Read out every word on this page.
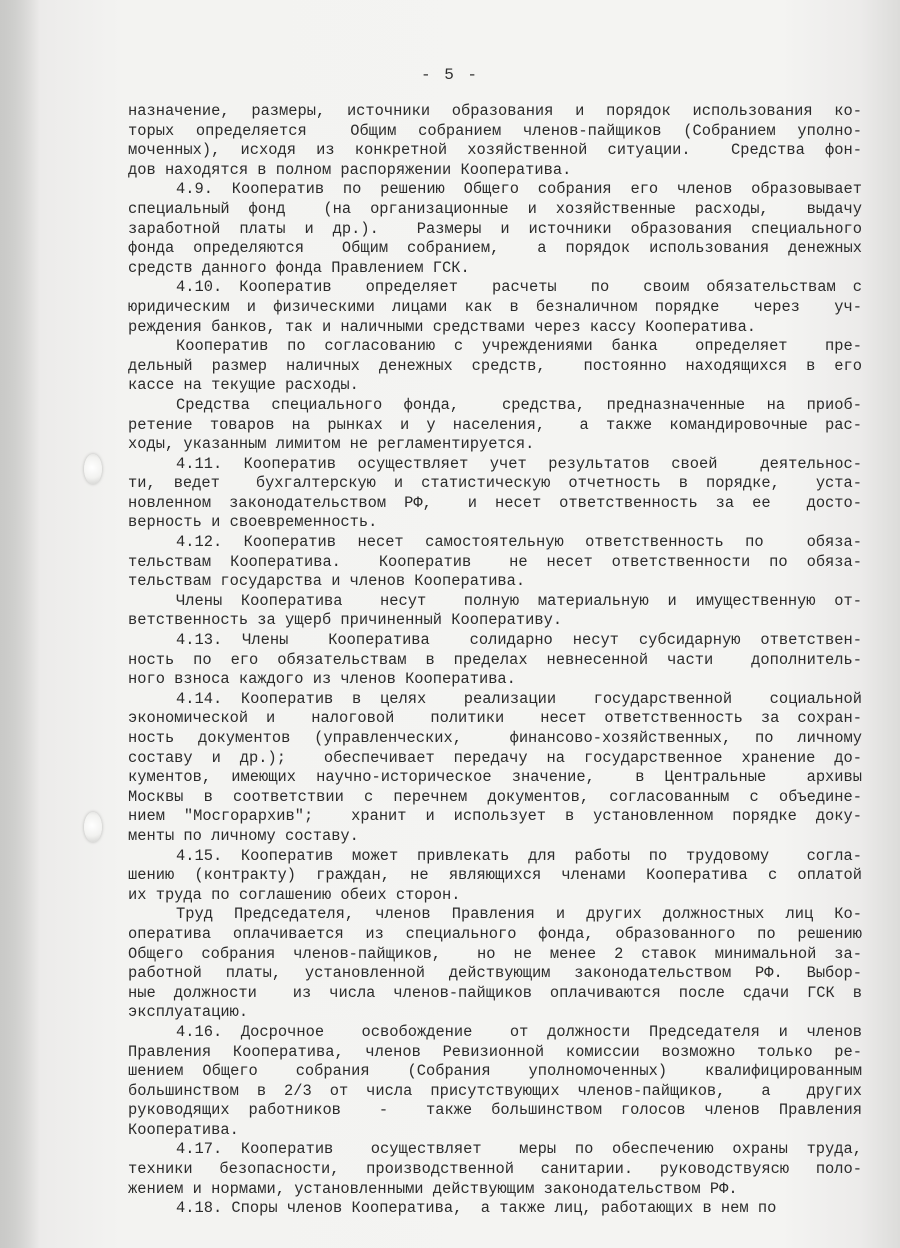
- 5 -
назначение, размеры, источники образования и порядок использования ко-
торых определяется  Общим собранием членов-пайщиков (Собранием уполно-
моченных), исходя из конкретной хозяйственной ситуации.  Средства фон-
дов находятся в полном распоряжении Кооператива.
4.9. Кооператив по решению Общего собрания его членов образовывает
специальный фонд  (на организационные и хозяйственные расходы,  выдачу
заработной платы и др.).  Размеры и источники образования специального
фонда определяются  Общим собранием,  а порядок использования денежных
средств данного фонда Правлением ГСК.
4.10. Кооператив  определяет  расчеты  по  своим обязательствам с
юридическим и физическими лицами как в безналичном порядке  через  уч-
реждения банков, так и наличными средствами через кассу Кооператива.
Кооператив по согласованию с учреждениями банка  определяет  пре-
дельный размер наличных денежных средств,  постоянно находящихся в его
кассе на текущие расходы.
Средства специального фонда,  средства, предназначенные на приоб-
ретение товаров на рынках и у населения,  а также командировочные рас-
ходы, указанным лимитом не регламентируется.
4.11. Кооператив осуществляет учет результатов своей  деятельнос-
ти, ведет  бухгалтерскую и статистическую отчетность в порядке,  уста-
новленном законодательством РФ,  и несет ответственность за ее  досто-
верность и своевременность.
4.12. Кооператив несет самостоятельную ответственность по  обяза-
тельствам Кооператива.  Кооператив  не несет ответственности по обяза-
тельствам государства и членов Кооператива.
Члены Кооператива  несут  полную материальную и имущественную от-
ветственность за ущерб причиненный Кооперативу.
4.13. Члены  Кооператива  солидарно несут субсидарную ответствен-
ность по его обязательствам в пределах невнесенной части  дополнитель-
ного взноса каждого из членов Кооператива.
4.14. Кооператив в целях  реализации  государственной  социальной
экономической и  налоговой  политики  несет ответственность за сохран-
ность документов (управленческих,  финансово-хозяйственных, по личному
составу и др.);  обеспечивает передачу на государственное хранение до-
кументов, имеющих научно-историческое значение,  в Центральные  архивы
Москвы в соответствии с перечнем документов, согласованным с объедине-
нием "Мосгорархив";  хранит и использует в установленном порядке доку-
менты по личному составу.
4.15. Кооператив может привлекать для работы по трудовому  согла-
шению (контракту) граждан, не являющихся членами Кооператива с оплатой
их труда по соглашению обеих сторон.
Труд Председателя, членов Правления и других должностных лиц Ко-
оператива оплачивается из специального фонда, образованного по решению
Общего собрания членов-пайщиков,  но не менее 2 ставок минимальной за-
работной платы, установленной действующим законодательством РФ. Выбор-
ные должности  из числа членов-пайщиков оплачиваются после сдачи ГСК в
эксплуатацию.
4.16. Досрочное  освобождение  от должности Председателя и членов
Правления Кооператива, членов Ревизионной комиссии возможно только ре-
шением Общего  собрания  (Собрания  уполномоченных)  квалифицированным
большинством в 2/3 от числа присутствующих членов-пайщиков,  а  других
руководящих работников  -  также большинством голосов членов Правления
Кооператива.
4.17. Кооператив  осуществляет  меры по обеспечению охраны труда,
техники безопасности, производственной санитарии. руководствуясю поло-
жением и нормами, установленными действующим законодательством РФ.
4.18. Споры членов Кооператива,  а также лиц, работающих в нем по
